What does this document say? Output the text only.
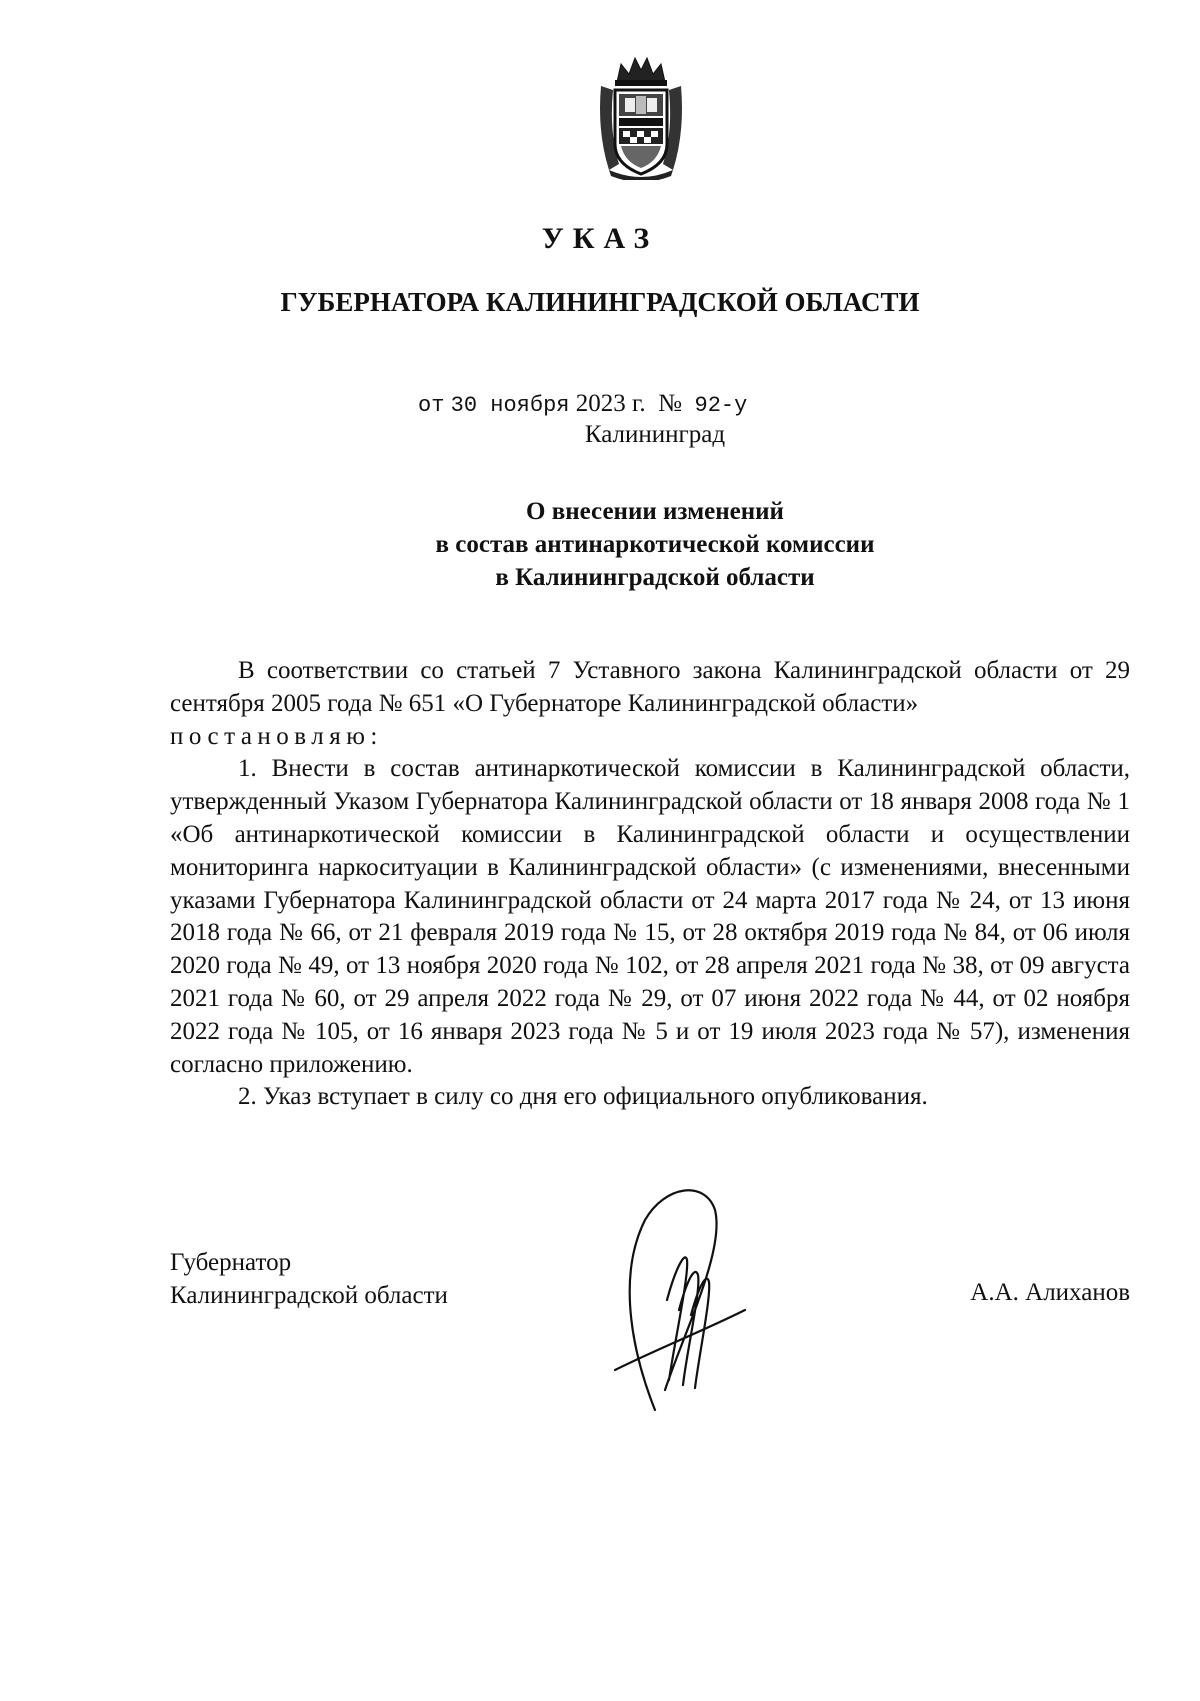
УКАЗ
ГУБЕРНАТОРА КАЛИНИНГРАДСКОЙ ОБЛАСТИ
от 30 ноября 2023 г. № 92-у
Калининград
О внесении изменений
в состав антинаркотической комиссии
в Калининградской области

В соответствии со статьей 7 Уставного закона Калининградской области от 29 сентября 2005 года № 651 «О Губернаторе Калининградской области»
постановляю:

1. Внести в состав антинаркотической комиссии в Калининградской области, утвержденный Указом Губернатора Калининградской области от 18 января 2008 года № 1 «Об антинаркотической комиссии в Калининградской области и осуществлении мониторинга наркоситуации в Калининградской области» (с изменениями, внесенными указами Губернатора Калининградской области от 24 марта 2017 года № 24, от 13 июня 2018 года № 66, от 21 февраля 2019 года № 15, от 28 октября 2019 года № 84, от 06 июля 2020 года № 49, от 13 ноября 2020 года № 102, от 28 апреля 2021 года № 38, от 09 августа 2021 года № 60, от 29 апреля 2022 года № 29, от 07 июня 2022 года № 44, от 02 ноября 2022 года № 105, от 16 января 2023 года № 5 и от 19 июля 2023 года № 57), изменения согласно приложению.

2. Указ вступает в силу со дня его официального опубликования.

Губернатор
Калининградской области	А.А. Алиханов
